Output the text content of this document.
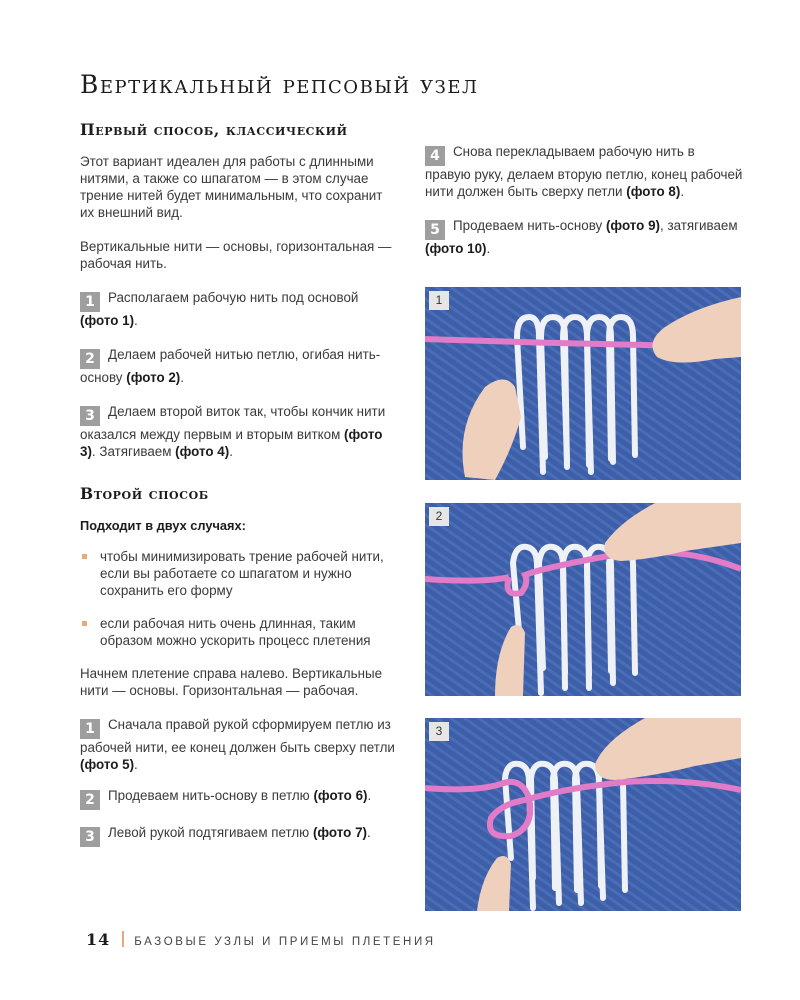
Вертикальный репсовый узел
Первый способ, классический

Этот вариант идеален для работы с длинными нитями, а также со шпагатом — в этом случае трение нитей будет минимальным, что сохранит их внешний вид.

Вертикальные нити — основы, горизонтальная — рабочая нить.

1 Располагаем рабочую нить под основой (фото 1).

2 Делаем рабочей нитью петлю, огибая нить-основу (фото 2).

3 Делаем второй виток так, чтобы кончик нити оказался между первым и вторым витком (фото 3). Затягиваем (фото 4).

Второй способ

Подходит в двух случаях:

чтобы минимизировать трение рабочей нити, если вы работаете со шпагатом и нужно сохранить его форму

если рабочая нить очень длинная, таким образом можно ускорить процесс плетения

Начнем плетение справа налево. Вертикальные нити — основы. Горизонтальная — рабочая.

1 Сначала правой рукой сформируем петлю из рабочей нити, ее конец должен быть сверху петли (фото 5).

2 Продеваем нить-основу в петлю (фото 6).

3 Левой рукой подтягиваем петлю (фото 7).

4 Снова перекладываем рабочую нить в правую руку, делаем вторую петлю, конец рабочей нити должен быть сверху петли (фото 8).

5 Продеваем нить-основу (фото 9), затягиваем (фото 10).

1
2
3
14 БАЗОВЫЕ УЗЛЫ И ПРИЕМЫ ПЛЕТЕНИЯ
